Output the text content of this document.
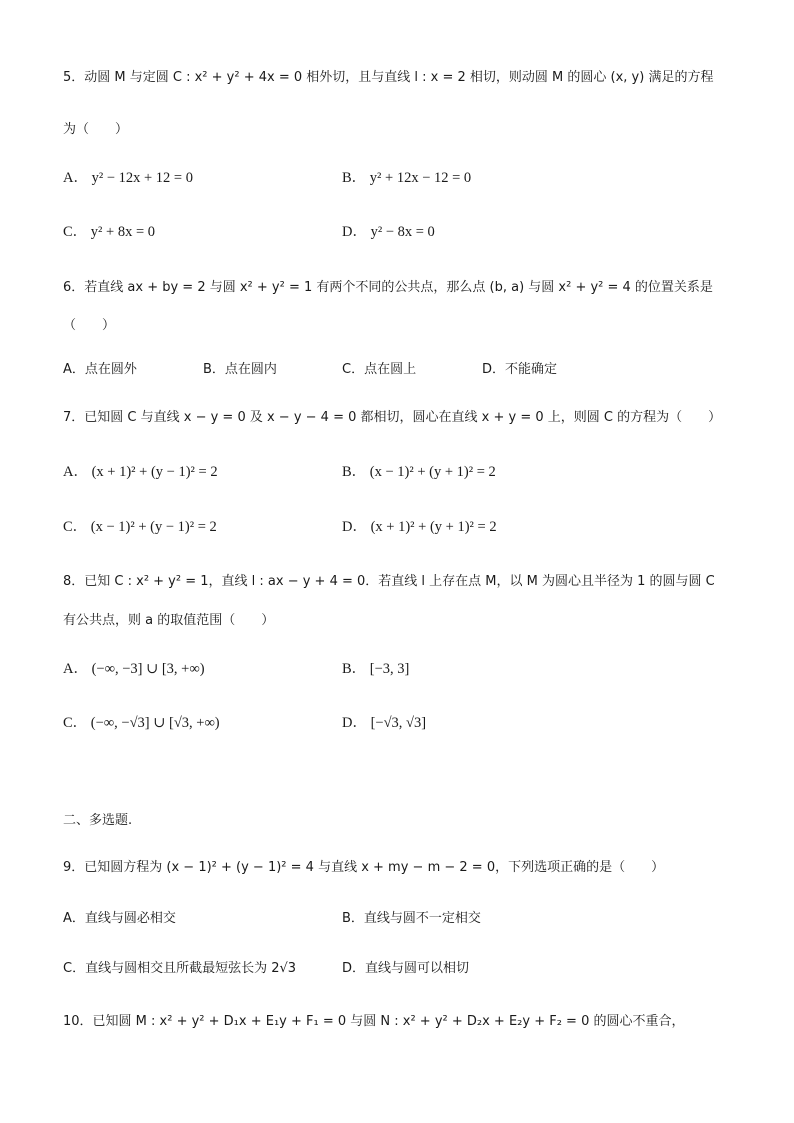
5．动圆 M 与定圆 C : x² + y² + 4x = 0 相外切，且与直线 l : x = 2 相切，则动圆 M 的圆心 (x, y) 满足的方程
为（　　）
A． y² − 12x + 12 = 0	B． y² + 12x − 12 = 0
C． y² + 8x = 0	D． y² − 8x = 0
6．若直线 ax + by = 2 与圆 x² + y² = 1 有两个不同的公共点，那么点 (b, a) 与圆 x² + y² = 4 的位置关系是
（　　）
A．点在圆外	B．点在圆内	C．点在圆上	D．不能确定
7．已知圆 C 与直线 x − y = 0 及 x − y − 4 = 0 都相切，圆心在直线 x + y = 0 上，则圆 C 的方程为（　　）
A． (x + 1)² + (y − 1)² = 2	B． (x − 1)² + (y + 1)² = 2
C． (x − 1)² + (y − 1)² = 2	D． (x + 1)² + (y + 1)² = 2
8．已知 C : x² + y² = 1，直线 l : ax − y + 4 = 0．若直线 l 上存在点 M，以 M 为圆心且半径为 1 的圆与圆 C
有公共点，则 a 的取值范围（　　）
A． (−∞, −3] ∪ [3, +∞)	B． [−3, 3]
C． (−∞, −√3] ∪ [√3, +∞)	D． [−√3, √3]
二、多选题.
9．已知圆方程为 (x − 1)² + (y − 1)² = 4 与直线 x + my − m − 2 = 0，下列选项正确的是（　　）
A．直线与圆必相交	B．直线与圆不一定相交
C．直线与圆相交且所截最短弦长为 2√3	D．直线与圆可以相切
10．已知圆 M : x² + y² + D₁x + E₁y + F₁ = 0 与圆 N : x² + y² + D₂x + E₂y + F₂ = 0 的圆心不重合，
